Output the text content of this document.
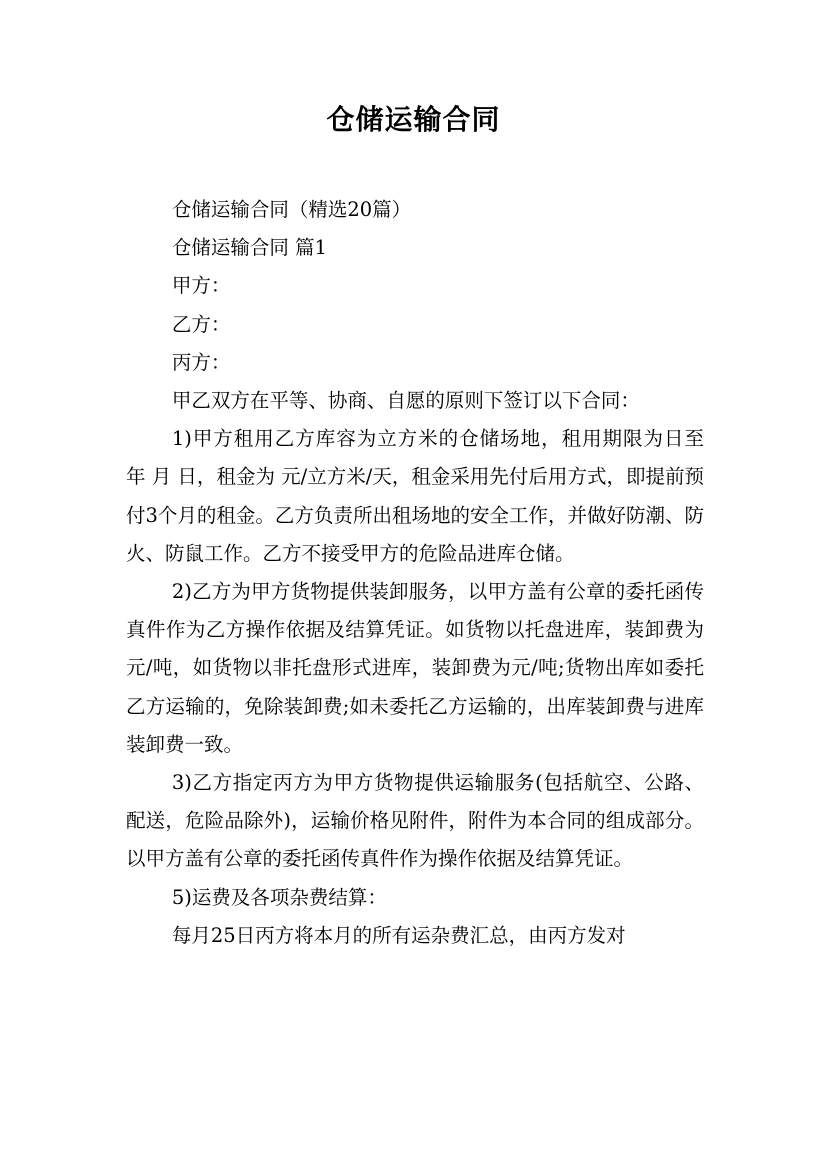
仓储运输合同

仓储运输合同（精选20篇）

仓储运输合同 篇1

甲方：

乙方：

丙方：

甲乙双方在平等、协商、自愿的原则下签订以下合同：

1)甲方租用乙方库容为立方米的仓储场地，租用期限为日至 年 月 日，租金为 元/立方米/天，租金采用先付后用方式，即提前预付3个月的租金。乙方负责所出租场地的安全工作，并做好防潮、防火、防鼠工作。乙方不接受甲方的危险品进库仓储。

2)乙方为甲方货物提供装卸服务，以甲方盖有公章的委托函传真件作为乙方操作依据及结算凭证。如货物以托盘进库，装卸费为 元/吨，如货物以非托盘形式进库，装卸费为元/吨;货物出库如委托乙方运输的，免除装卸费;如未委托乙方运输的，出库装卸费与进库装卸费一致。

3)乙方指定丙方为甲方货物提供运输服务(包括航空、公路、配送，危险品除外)，运输价格见附件，附件为本合同的组成部分。以甲方盖有公章的委托函传真件作为操作依据及结算凭证。

5)运费及各项杂费结算：

每月25日丙方将本月的所有运杂费汇总，由丙方发对
